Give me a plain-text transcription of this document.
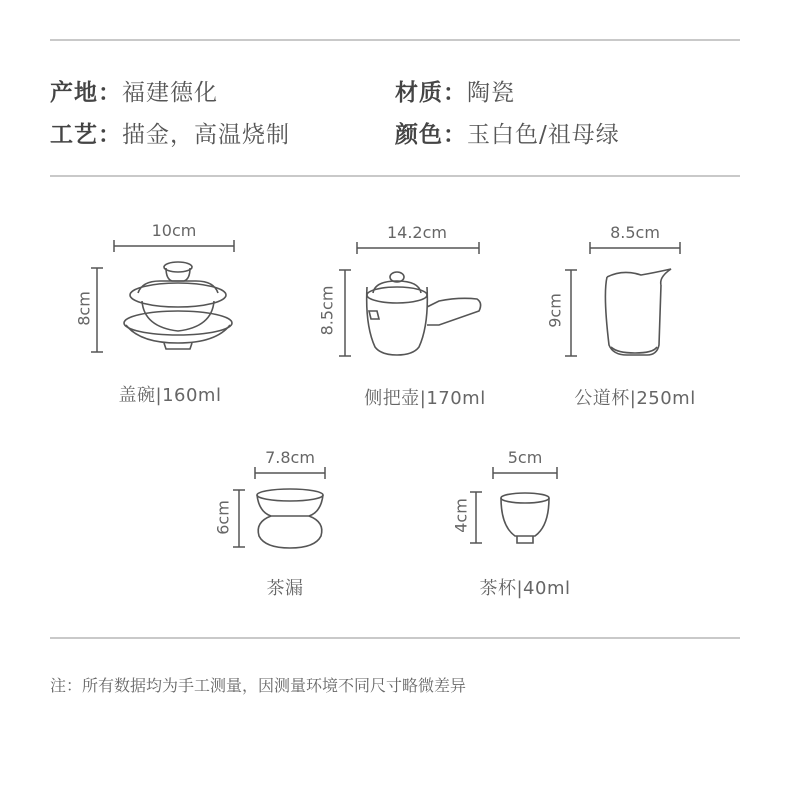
产地：福建德化	材质：陶瓷
工艺：描金，高温烧制	颜色：玉白色/祖母绿
10cm
8cm
盖碗|160ml
14.2cm
8.5cm
侧把壶|170ml
8.5cm
9cm
公道杯|250ml
7.8cm
6cm
茶漏
5cm
4cm
茶杯|40ml
注：所有数据均为手工测量，因测量环境不同尺寸略微差异
